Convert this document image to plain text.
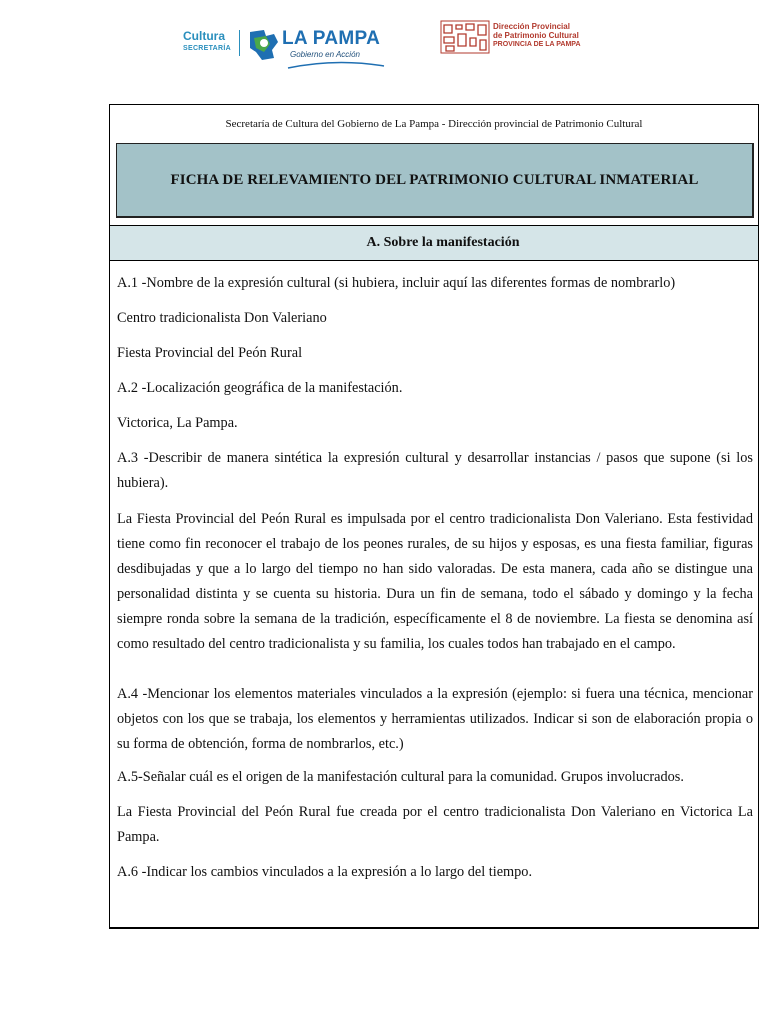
Cultura
SECRETARÍA	LA PAMPA
Gobierno en Acción
Dirección Provincial
de Patrimonio Cultural
PROVINCIA DE LA PAMPA
Secretaría de Cultura del Gobierno de La Pampa - Dirección provincial de Patrimonio Cultural
FICHA DE RELEVAMIENTO DEL PATRIMONIO CULTURAL INMATERIAL
A. Sobre la manifestación

A.1 -Nombre de la expresión cultural (si hubiera, incluir aquí las diferentes formas de nombrarlo)

Centro tradicionalista Don Valeriano

Fiesta Provincial del Peón Rural

A.2 -Localización geográfica de la manifestación.

Victorica, La Pampa.

A.3 -Describir de manera sintética la expresión cultural y desarrollar instancias / pasos que supone (si los hubiera).

La Fiesta Provincial del Peón Rural es impulsada por el centro tradicionalista Don Valeriano. Esta festividad tiene como fin reconocer el trabajo de los peones rurales, de su hijos y esposas, es una fiesta familiar, figuras desdibujadas y que a lo largo del tiempo no han sido valoradas. De esta manera, cada año se distingue una personalidad distinta y se cuenta su historia. Dura un fin de semana, todo el sábado y domingo y la fecha siempre ronda sobre la semana de la tradición, específicamente el 8 de noviembre. La fiesta se denomina así como resultado del centro tradicionalista y su familia, los cuales todos han trabajado en el campo.

A.4 -Mencionar los elementos materiales vinculados a la expresión (ejemplo: si fuera una técnica, mencionar objetos con los que se trabaja, los elementos y herramientas utilizados. Indicar si son de elaboración propia o su forma de obtención, forma de nombrarlos, etc.)

A.5-Señalar cuál es el origen de la manifestación cultural para la comunidad. Grupos involucrados.

La Fiesta Provincial del Peón Rural fue creada por el centro tradicionalista Don Valeriano en Victorica La Pampa.

A.6 -Indicar los cambios vinculados a la expresión a lo largo del tiempo.
